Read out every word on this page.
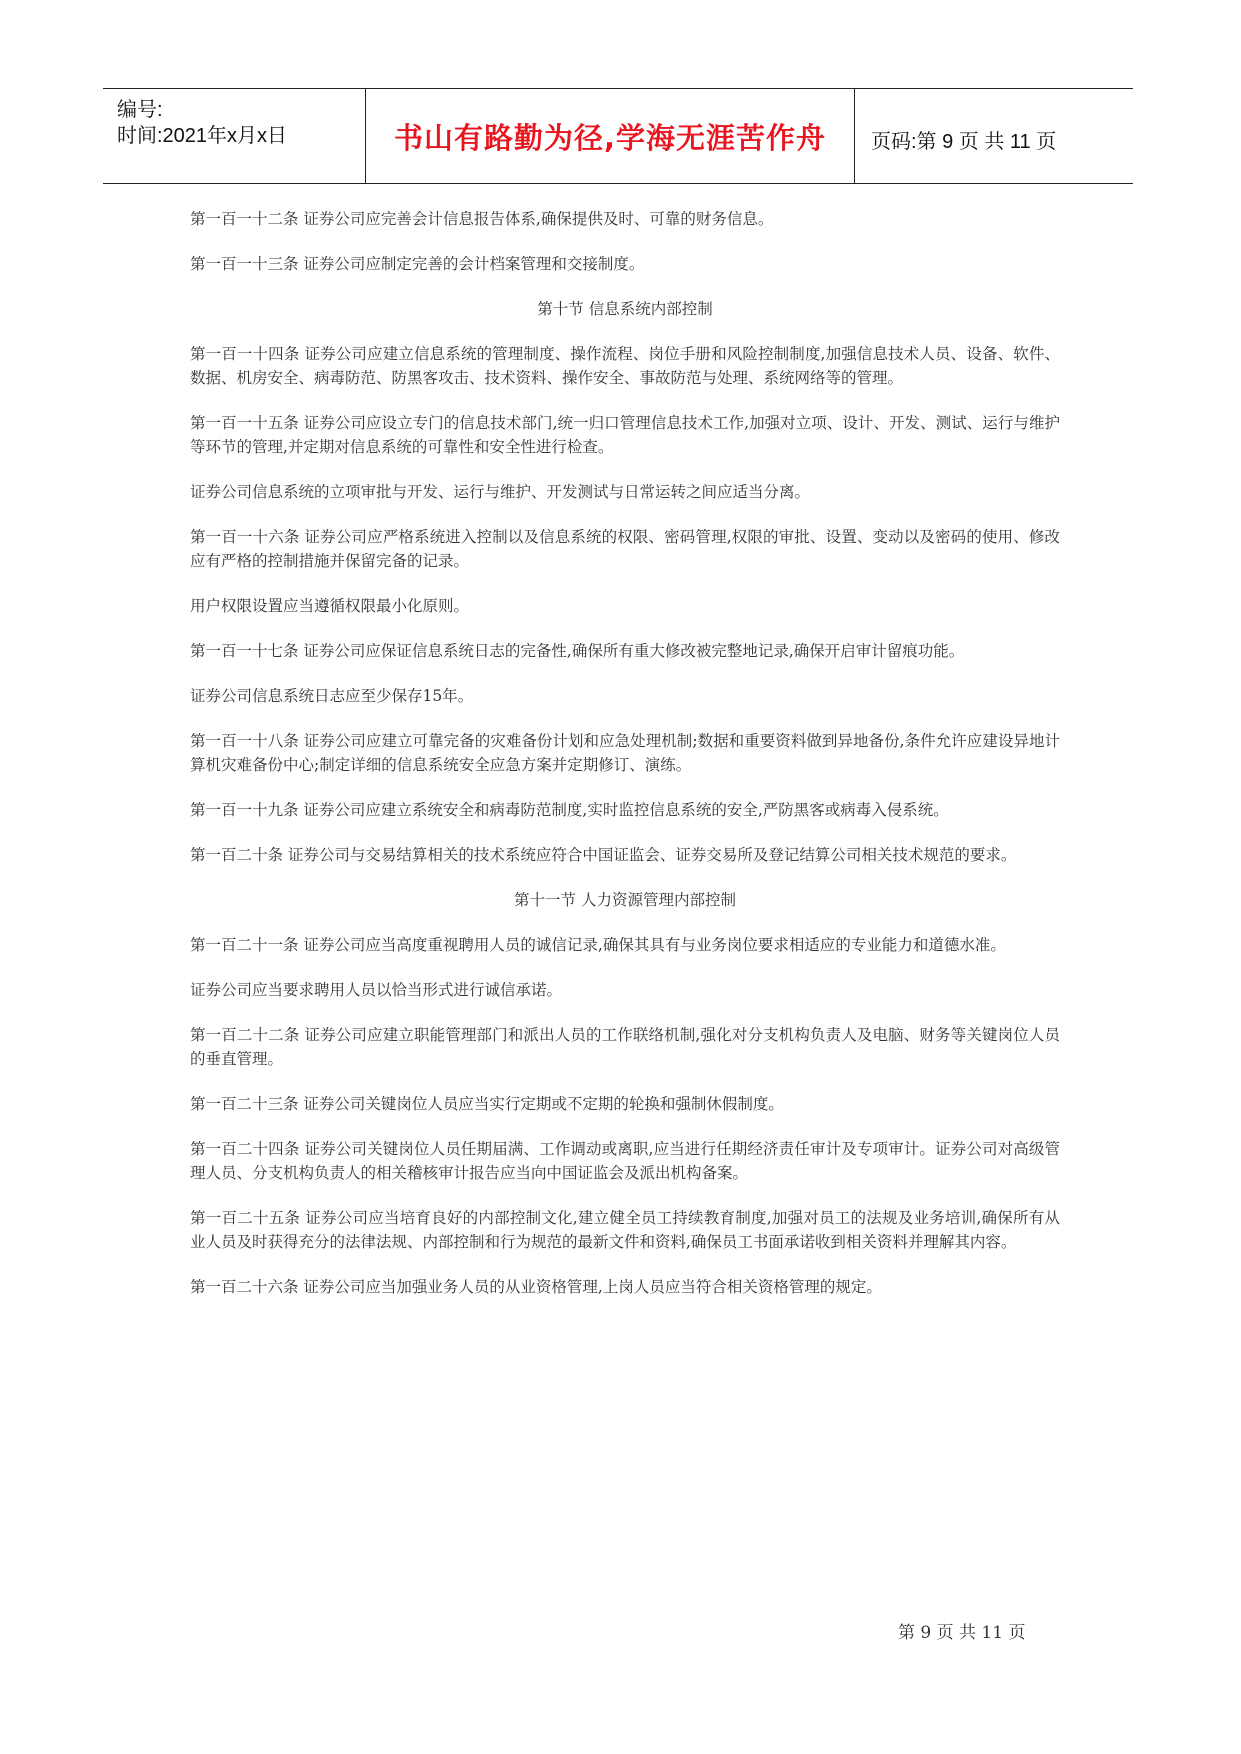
编号:
时间:2021年x月x日	书山有路勤为径,学海无涯苦作舟	页码:第 9 页 共 11 页

第一百一十二条 证券公司应完善会计信息报告体系,确保提供及时、可靠的财务信息。

第一百一十三条 证券公司应制定完善的会计档案管理和交接制度。

第十节 信息系统内部控制

第一百一十四条 证券公司应建立信息系统的管理制度、操作流程、岗位手册和风险控制制度,加强信息技术人员、设备、软件、数据、机房安全、病毒防范、防黑客攻击、技术资料、操作安全、事故防范与处理、系统网络等的管理。

第一百一十五条 证券公司应设立专门的信息技术部门,统一归口管理信息技术工作,加强对立项、设计、开发、测试、运行与维护等环节的管理,并定期对信息系统的可靠性和安全性进行检查。

证券公司信息系统的立项审批与开发、运行与维护、开发测试与日常运转之间应适当分离。

第一百一十六条 证券公司应严格系统进入控制以及信息系统的权限、密码管理,权限的审批、设置、变动以及密码的使用、修改应有严格的控制措施并保留完备的记录。

用户权限设置应当遵循权限最小化原则。

第一百一十七条 证券公司应保证信息系统日志的完备性,确保所有重大修改被完整地记录,确保开启审计留痕功能。

证券公司信息系统日志应至少保存15年。

第一百一十八条 证券公司应建立可靠完备的灾难备份计划和应急处理机制;数据和重要资料做到异地备份,条件允许应建设异地计算机灾难备份中心;制定详细的信息系统安全应急方案并定期修订、演练。

第一百一十九条 证券公司应建立系统安全和病毒防范制度,实时监控信息系统的安全,严防黑客或病毒入侵系统。

第一百二十条 证券公司与交易结算相关的技术系统应符合中国证监会、证券交易所及登记结算公司相关技术规范的要求。

第十一节 人力资源管理内部控制

第一百二十一条 证券公司应当高度重视聘用人员的诚信记录,确保其具有与业务岗位要求相适应的专业能力和道德水准。

证券公司应当要求聘用人员以恰当形式进行诚信承诺。

第一百二十二条 证券公司应建立职能管理部门和派出人员的工作联络机制,强化对分支机构负责人及电脑、财务等关键岗位人员的垂直管理。

第一百二十三条 证券公司关键岗位人员应当实行定期或不定期的轮换和强制休假制度。

第一百二十四条 证券公司关键岗位人员任期届满、工作调动或离职,应当进行任期经济责任审计及专项审计。证券公司对高级管理人员、分支机构负责人的相关稽核审计报告应当向中国证监会及派出机构备案。

第一百二十五条 证券公司应当培育良好的内部控制文化,建立健全员工持续教育制度,加强对员工的法规及业务培训,确保所有从业人员及时获得充分的法律法规、内部控制和行为规范的最新文件和资料,确保员工书面承诺收到相关资料并理解其内容。

第一百二十六条 证券公司应当加强业务人员的从业资格管理,上岗人员应当符合相关资格管理的规定。

第 9 页 共 11 页
